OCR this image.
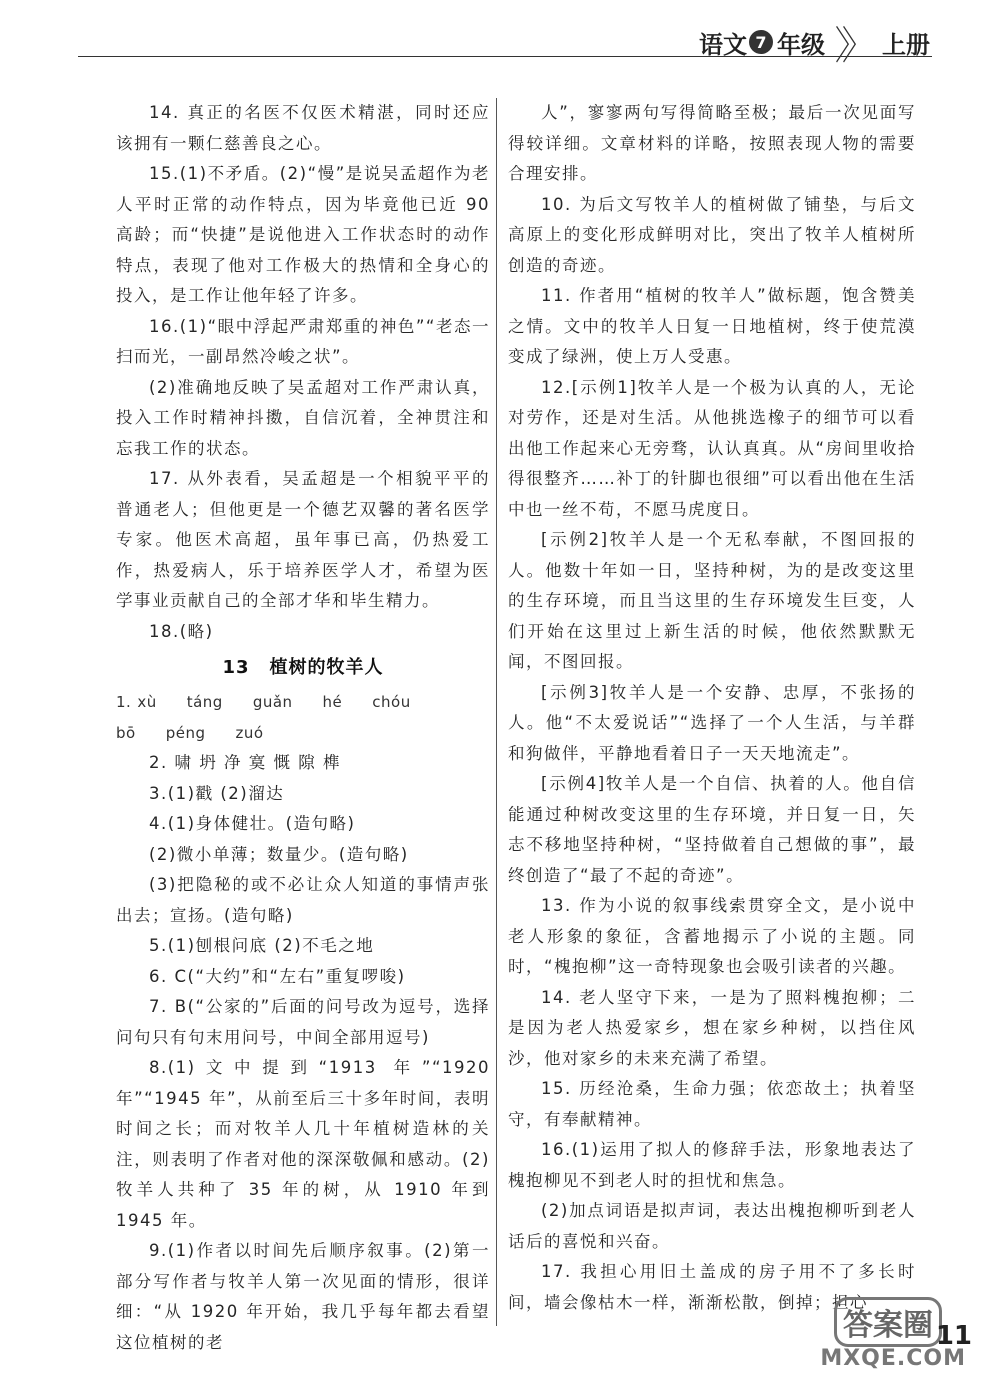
语文 7 年级 〉〉 上册

14. 真正的名医不仅医术精湛，同时还应该拥有一颗仁慈善良之心。

15.(1)不矛盾。(2)“慢”是说吴孟超作为老人平时正常的动作特点，因为毕竟他已近 90 高龄；而“快捷”是说他进入工作状态时的动作特点，表现了他对工作极大的热情和全身心的投入，是工作让他年轻了许多。

16.(1)“眼中浮起严肃郑重的神色”“老态一扫而光，一副昂然冷峻之状”。

(2)准确地反映了吴孟超对工作严肃认真，投入工作时精神抖擞，自信沉着，全神贯注和忘我工作的状态。

17. 从外表看，吴孟超是一个相貌平平的普通老人；但他更是一个德艺双馨的著名医学专家。他医术高超，虽年事已高，仍热爱工作，热爱病人，乐于培养医学人才，希望为医学事业贡献自己的全部才华和毕生精力。

18.(略)

13 植树的牧羊人
1. xù táng guǎn hé chóubō péng zuó

2. 啸 坍 净 寞 慨 隙 榫

3.(1)戳 (2)溜达

4.(1)身体健壮。(造句略)

(2)微小单薄；数量少。(造句略)

(3)把隐秘的或不必让众人知道的事情声张出去；宣扬。(造句略)

5.(1)刨根问底 (2)不毛之地

6. C(“大约”和“左右”重复啰唆)

7. B(“公家的”后面的问号改为逗号，选择问句只有句末用问号，中间全部用逗号)

8.(1)文中提到“1913 年”“1920 年”“1945 年”，从前至后三十多年时间，表明时间之长；而对牧羊人几十年植树造林的关注，则表明了作者对他的深深敬佩和感动。(2)牧羊人共种了 35 年的树，从 1910 年到 1945 年。

9.(1)作者以时间先后顺序叙事。(2)第一部分写作者与牧羊人第一次见面的情形，很详细：“从 1920 年开始，我几乎每年都去看望这位植树的老

人”，寥寥两句写得简略至极；最后一次见面写得较详细。文章材料的详略，按照表现人物的需要合理安排。

10. 为后文写牧羊人的植树做了铺垫，与后文高原上的变化形成鲜明对比，突出了牧羊人植树所创造的奇迹。

11. 作者用“植树的牧羊人”做标题，饱含赞美之情。文中的牧羊人日复一日地植树，终于使荒漠变成了绿洲，使上万人受惠。

12.[示例1]牧羊人是一个极为认真的人，无论对劳作，还是对生活。从他挑选橡子的细节可以看出他工作起来心无旁骛，认认真真。从“房间里收拾得很整齐……补丁的针脚也很细”可以看出他在生活中也一丝不苟，不愿马虎度日。

[示例2]牧羊人是一个无私奉献，不图回报的人。他数十年如一日，坚持种树，为的是改变这里的生存环境，而且当这里的生存环境发生巨变，人们开始在这里过上新生活的时候，他依然默默无闻，不图回报。

[示例3]牧羊人是一个安静、忠厚，不张扬的人。他“不太爱说话”“选择了一个人生活，与羊群和狗做伴，平静地看着日子一天天地流走”。

[示例4]牧羊人是一个自信、执着的人。他自信能通过种树改变这里的生存环境，并日复一日，矢志不移地坚持种树，“坚持做着自己想做的事”，最终创造了“最了不起的奇迹”。

13. 作为小说的叙事线索贯穿全文，是小说中老人形象的象征，含蓄地揭示了小说的主题。同时，“槐抱柳”这一奇特现象也会吸引读者的兴趣。

14. 老人坚守下来，一是为了照料槐抱柳；二是因为老人热爱家乡，想在家乡种树，以挡住风沙，他对家乡的未来充满了希望。

15. 历经沧桑，生命力强；依恋故土；执着坚守，有奉献精神。

16.(1)运用了拟人的修辞手法，形象地表达了槐抱柳见不到老人时的担忧和焦急。

(2)加点词语是拟声词，表达出槐抱柳听到老人话后的喜悦和兴奋。

17. 我担心用旧土盖成的房子用不了多长时间，墙会像枯木一样，渐渐松散，倒掉；担心

答案圈
MXQE.COM
11
